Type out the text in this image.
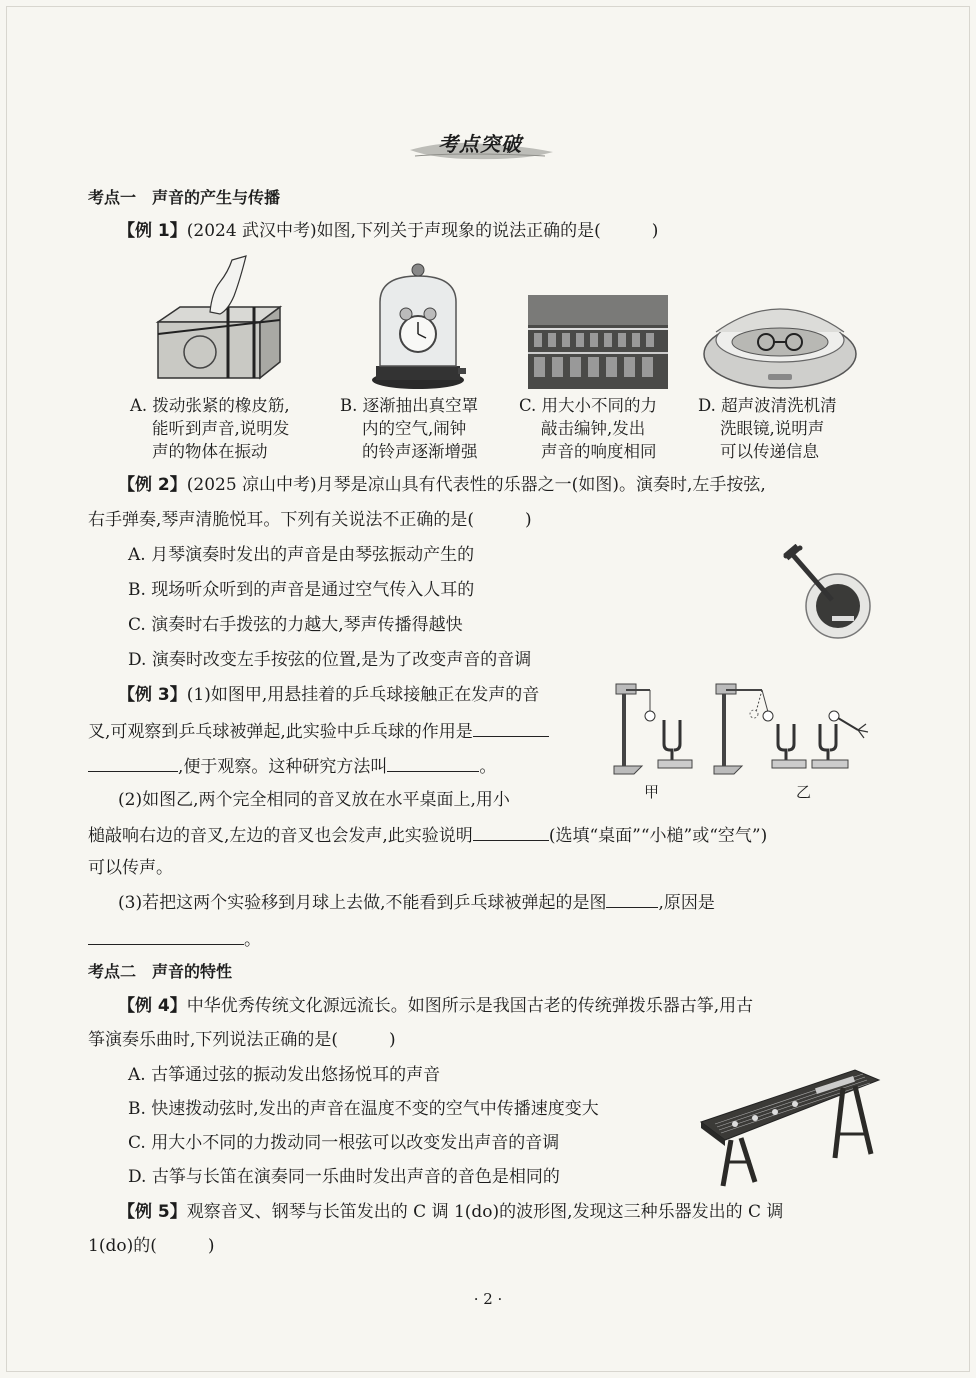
考点突破
考点一　声音的产生与传播
【例 1】(2024 武汉中考)如图,下列关于声现象的说法正确的是(　　　)
A. 拨动张紧的橡皮筋,
能听到声音,说明发
声的物体在振动
B. 逐渐抽出真空罩
内的空气,闹钟
的铃声逐渐增强
C. 用大小不同的力
敲击编钟,发出
声音的响度相同
D. 超声波清洗机清
洗眼镜,说明声
可以传递信息
【例 2】(2025 凉山中考)月琴是凉山具有代表性的乐器之一(如图)。演奏时,左手按弦,
右手弹奏,琴声清脆悦耳。下列有关说法不正确的是(　　　)
A. 月琴演奏时发出的声音是由琴弦振动产生的
B. 现场听众听到的声音是通过空气传入人耳的
C. 演奏时右手拨弦的力越大,琴声传播得越快
D. 演奏时改变左手按弦的位置,是为了改变声音的音调
【例 3】(1)如图甲,用悬挂着的乒乓球接触正在发声的音
叉,可观察到乒乓球被弹起,此实验中乒乓球的作用是
,便于观察。这种研究方法叫	。
(2)如图乙,两个完全相同的音叉放在水平桌面上,用小
槌敲响右边的音叉,左边的音叉也会发声,此实验说明	(选填“桌面”“小槌”或“空气”)
可以传声。
(3)若把这两个实验移到月球上去做,不能看到乒乓球被弹起的是图	,原因是
。
甲	乙
考点二　声音的特性
【例 4】中华优秀传统文化源远流长。如图所示是我国古老的传统弹拨乐器古筝,用古
筝演奏乐曲时,下列说法正确的是(　　　)
A. 古筝通过弦的振动发出悠扬悦耳的声音
B. 快速拨动弦时,发出的声音在温度不变的空气中传播速度变大
C. 用大小不同的力拨动同一根弦可以改变发出声音的音调
D. 古筝与长笛在演奏同一乐曲时发出声音的音色是相同的
【例 5】观察音叉、钢琴与长笛发出的 C 调 1(do)的波形图,发现这三种乐器发出的 C 调
1(do)的(　　　)
· 2 ·
